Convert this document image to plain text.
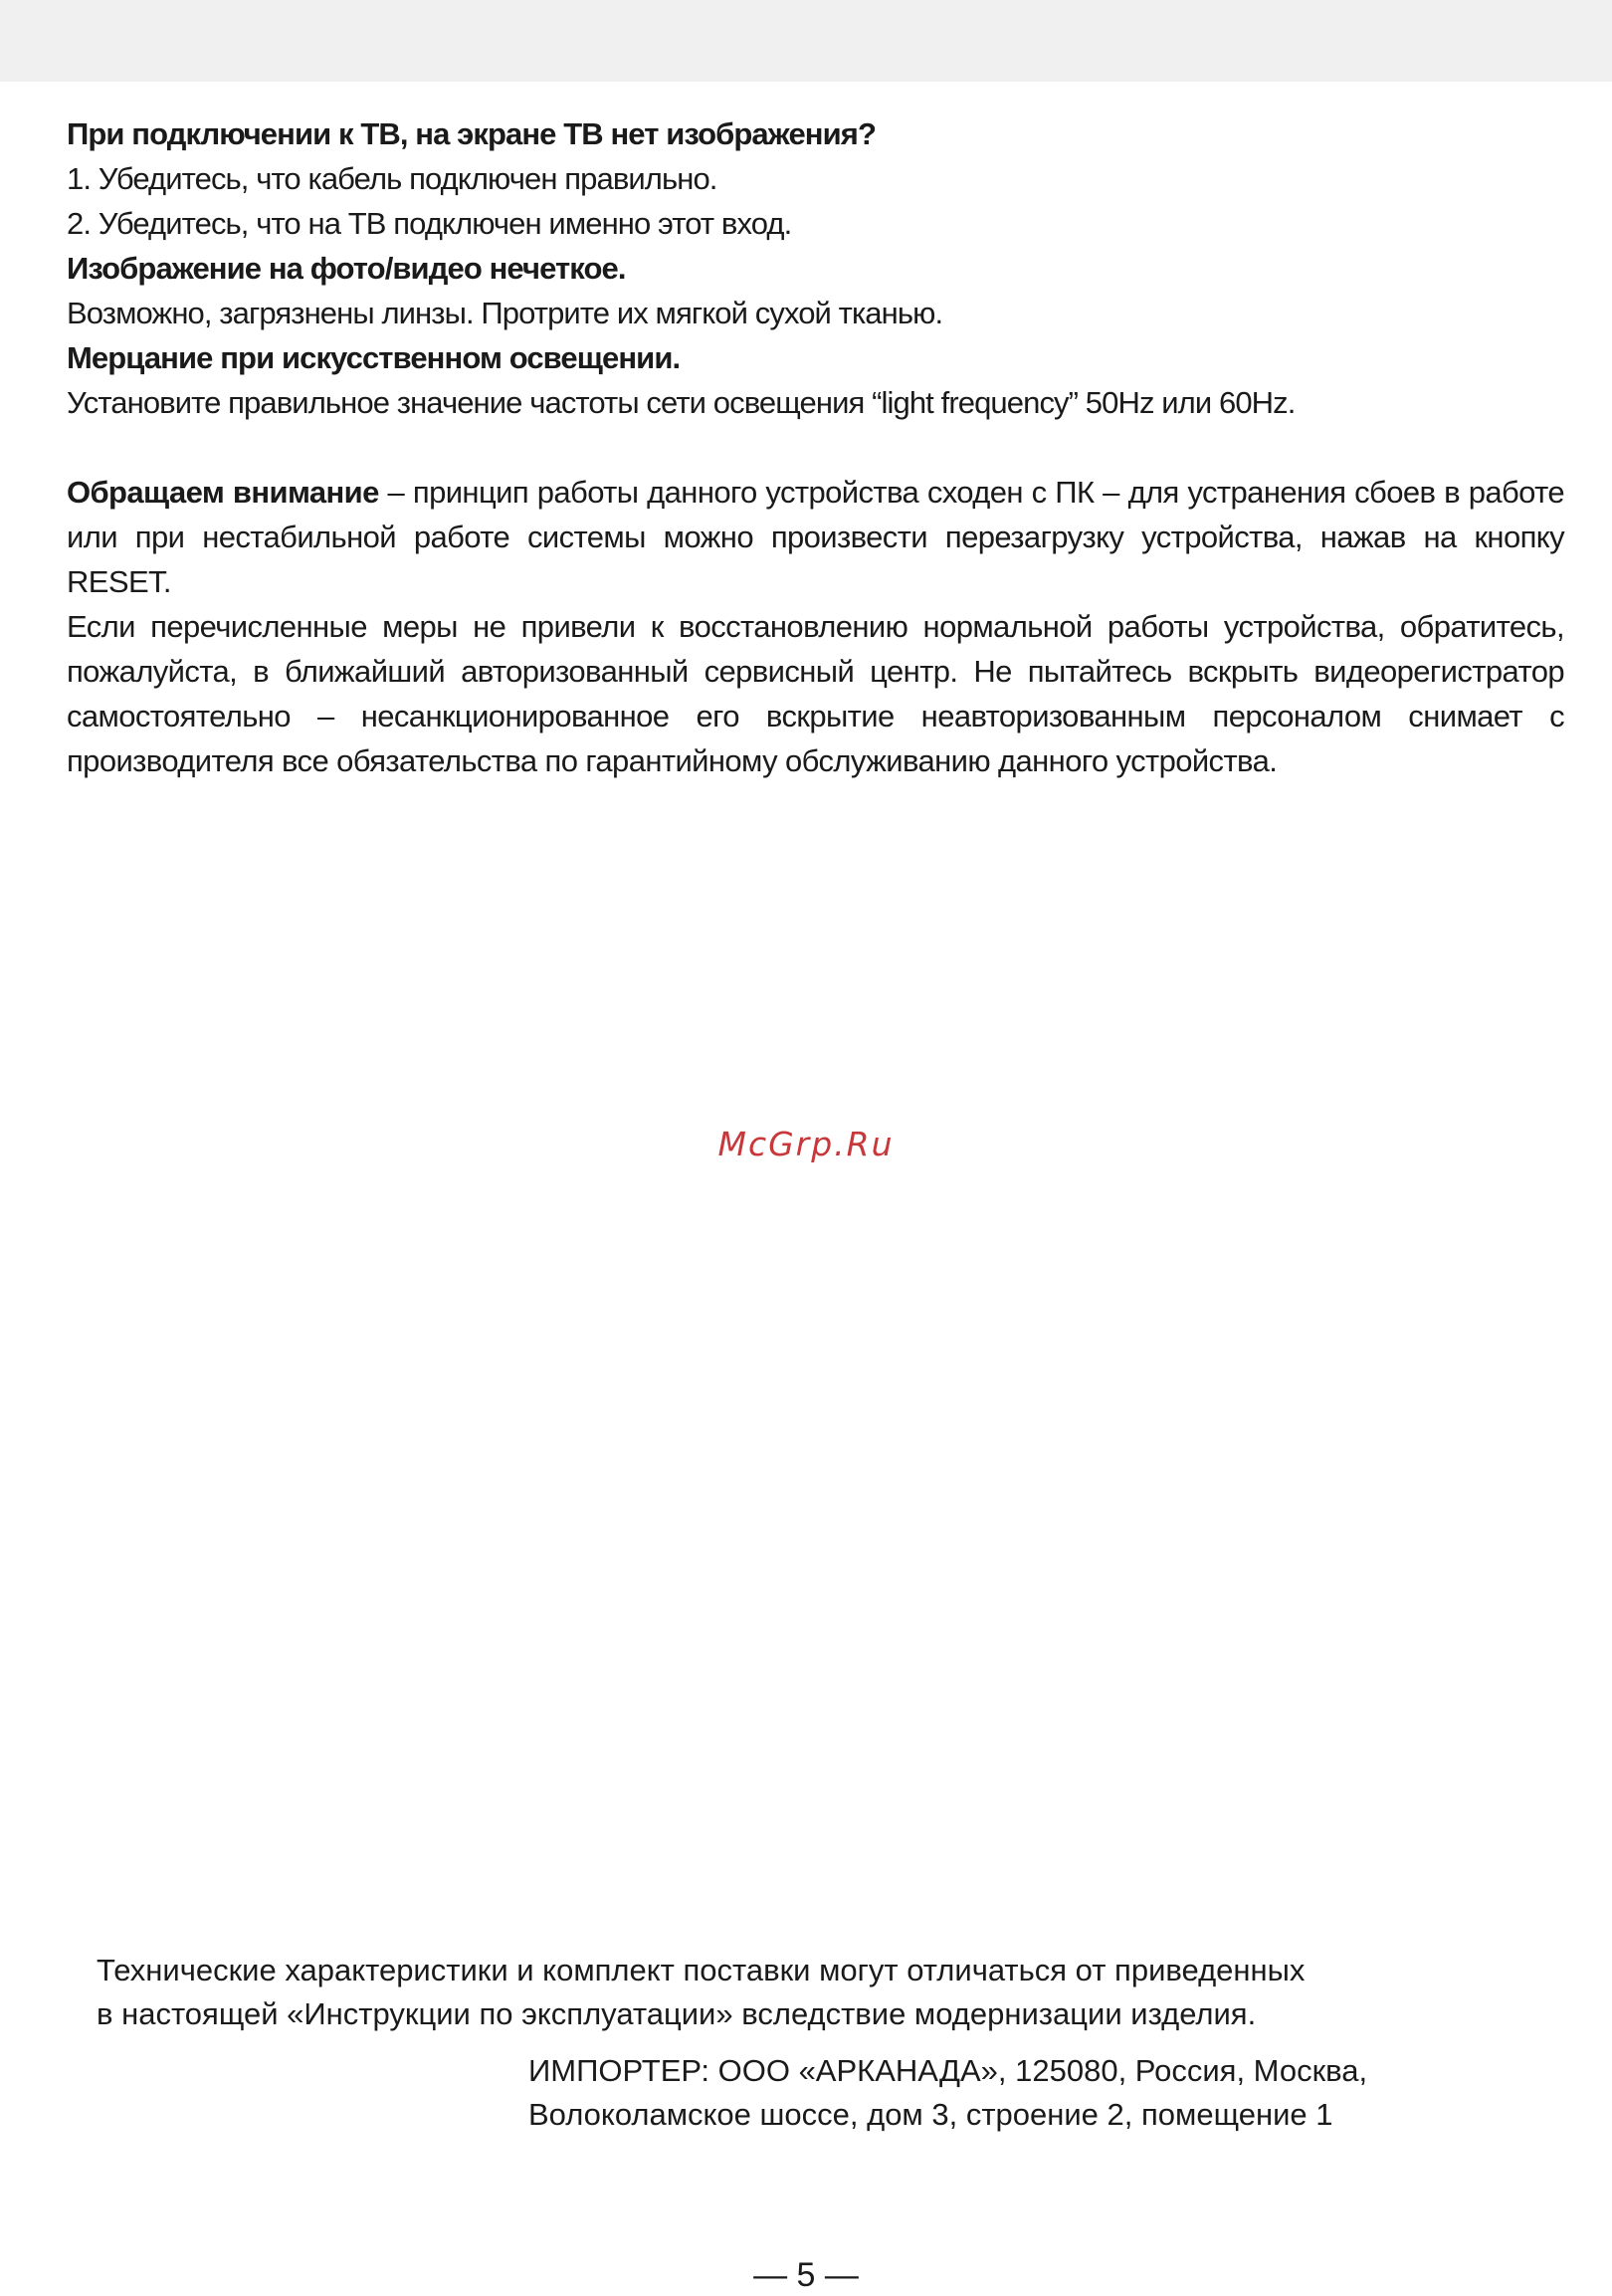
При подключении к ТВ, на экране ТВ нет изображения?
1. Убедитесь, что кабель подключен правильно.
2. Убедитесь, что на ТВ подключен именно этот вход.
Изображение на фото/видео нечеткое.
Возможно, загрязнены линзы. Протрите их мягкой сухой тканью.
Мерцание при искусственном освещении.
Установите правильное значение частоты сети освещения “light frequency” 50Hz или 60Hz.

Обращаем внимание – принцип работы данного устройства сходен с ПК – для устранения сбоев в работе или при нестабильной работе системы можно произвести перезагрузку устройства, нажав на кнопку RESET.

Если перечисленные меры не привели к восстановлению нормальной работы устройства, обратитесь, пожалуйста, в ближайший авторизованный сервисный центр. Не пытайтесь вскрыть видеорегистратор самостоятельно – несанкционированное его вскрытие неавторизованным персоналом снимает с производителя все обязательства по гарантийному обслуживанию данного устройства.

McGrp.Ru

Технические характеристики и комплект поставки могут отличаться от приведенных

в настоящей «Инструкции по эксплуатации» вследствие модернизации изделия.

ИМПОРТЕР: ООО «АРКАНАДА», 125080, Россия, Москва,

Волоколамское шоссе, дом 3, строение 2, помещение 1

— 5 —
